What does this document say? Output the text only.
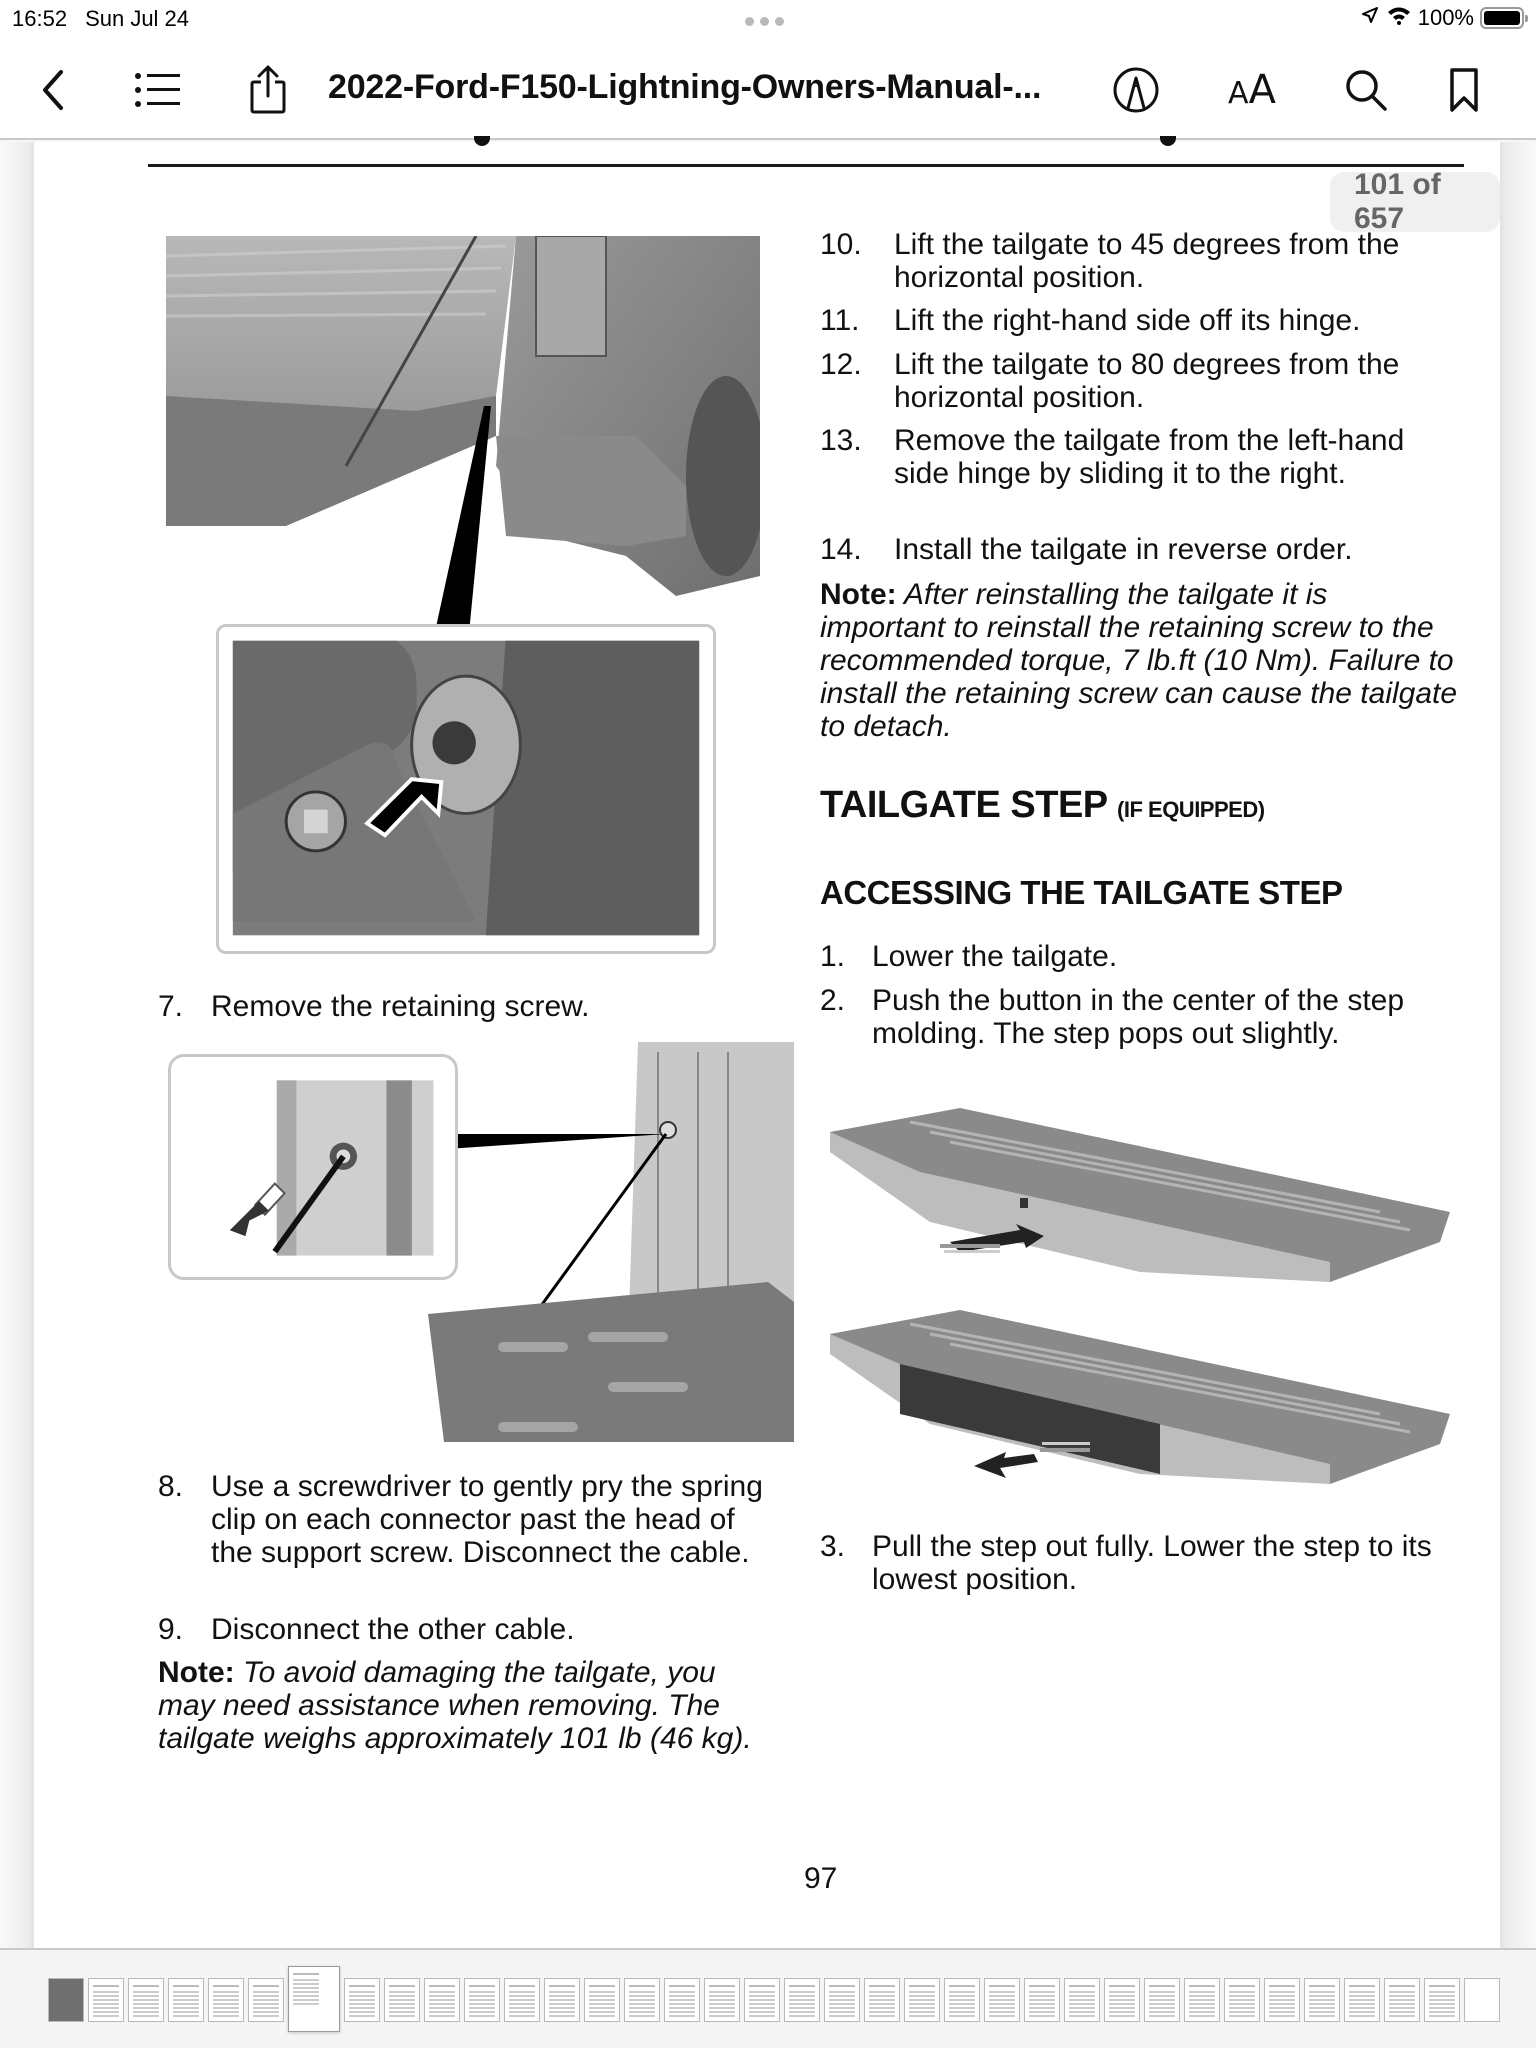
16:52 Sun Jul 24	100%
2022-Ford-F150-Lightning-Owners-Manual-...	AA
7. Remove the retaining screw.
8. Use a screwdriver to gently pry the spring clip on each connector past the head of the support screw. Disconnect the cable.
9. Disconnect the other cable.
Note: To avoid damaging the tailgate, you may need assistance when removing. The tailgate weighs approximately 101 lb (46 kg).
101 of 657
10.	Lift the tailgate to 45 degrees from the horizontal position.
11.	Lift the right-hand side off its hinge.
12.	Lift the tailgate to 80 degrees from the horizontal position.
13.	Remove the tailgate from the left-hand side hinge by sliding it to the right.
14.	Install the tailgate in reverse order.
Note: After reinstalling the tailgate it is important to reinstall the retaining screw to the recommended torque, 7 lb.ft (10 Nm). Failure to install the retaining screw can cause the tailgate to detach.
TAILGATE STEP (IF EQUIPPED)
ACCESSING THE TAILGATE STEP
1. Lower the tailgate.
2. Push the button in the center of the step molding. The step pops out slightly.
3. Pull the step out fully. Lower the step to its lowest position.
97
